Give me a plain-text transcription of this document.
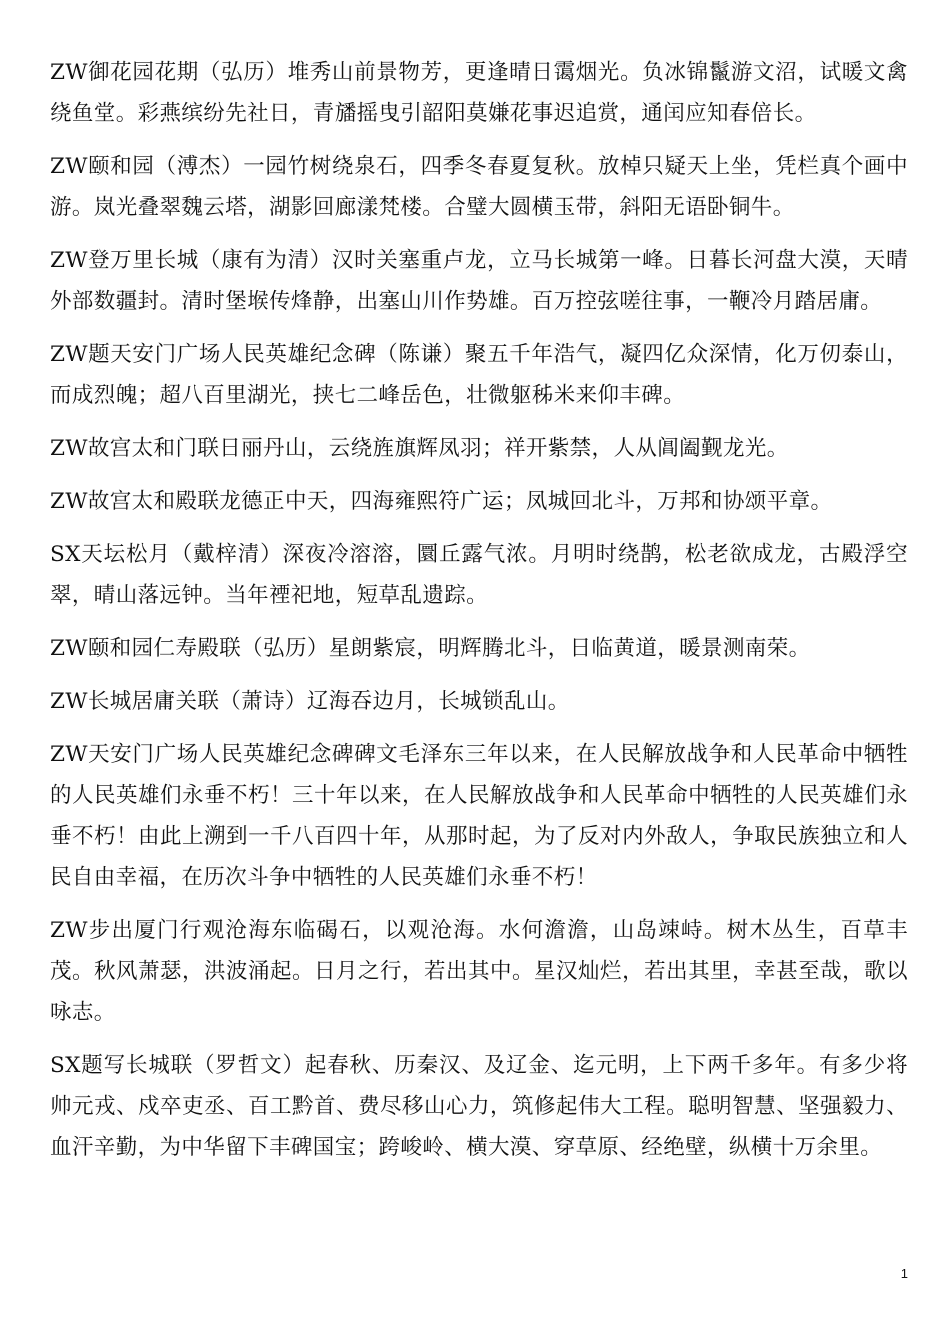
ZW御花园花期（弘历）堆秀山前景物芳，更逢晴日霭烟光。负冰锦鬣游文沼，试暖文禽绕鱼堂。彩燕缤纷先社日，青旙摇曳引韶阳莫嫌花事迟追赏，通闰应知春倍长。

ZW颐和园（溥杰）一园竹树绕泉石，四季冬春夏复秋。放棹只疑天上坐，凭栏真个画中游。岚光叠翠魏云塔，湖影回廊漾梵楼。合璧大圆横玉带，斜阳无语卧铜牛。

ZW登万里长城（康有为清）汉时关塞重卢龙，立马长城第一峰。日暮长河盘大漠，天晴外部数疆封。清时堡堠传烽静，出塞山川作势雄。百万控弦嗟往事，一鞭冷月踏居庸。

ZW题天安门广场人民英雄纪念碑（陈谦）聚五千年浩气，凝四亿众深情，化万仞泰山，而成烈魄；超八百里湖光，挟七二峰岳色，壮微躯秭米来仰丰碑。

ZW故宫太和门联日丽丹山，云绕旌旗辉凤羽；祥开紫禁，人从阊阖觐龙光。

ZW故宫太和殿联龙德正中天，四海雍熙符广运；凤城回北斗，万邦和协颂平章。

SX天坛松月（戴梓清）深夜冷溶溶，圜丘露气浓。月明时绕鹊，松老欲成龙，古殿浮空翠，晴山落远钟。当年禋祀地，短草乱遗踪。

ZW颐和园仁寿殿联（弘历）星朗紫宸，明辉腾北斗，日临黄道，暖景测南荣。

ZW长城居庸关联（萧诗）辽海吞边月，长城锁乱山。

ZW天安门广场人民英雄纪念碑碑文毛泽东三年以来，在人民解放战争和人民革命中牺牲的人民英雄们永垂不朽！三十年以来，在人民解放战争和人民革命中牺牲的人民英雄们永垂不朽！由此上溯到一千八百四十年，从那时起，为了反对内外敌人，争取民族独立和人民自由幸福，在历次斗争中牺牲的人民英雄们永垂不朽！

ZW步出厦门行观沧海东临碣石，以观沧海。水何澹澹，山岛竦峙。树木丛生，百草丰茂。秋风萧瑟，洪波涌起。日月之行，若出其中。星汉灿烂，若出其里，幸甚至哉，歌以咏志。

SX题写长城联（罗哲文）起春秋、历秦汉、及辽金、迄元明，上下两千多年。有多少将帅元戎、戍卒吏丞、百工黔首、费尽移山心力，筑修起伟大工程。聪明智慧、坚强毅力、血汗辛勤，为中华留下丰碑国宝；跨峻岭、横大漠、穿草原、经绝壁，纵横十万余里。

1
